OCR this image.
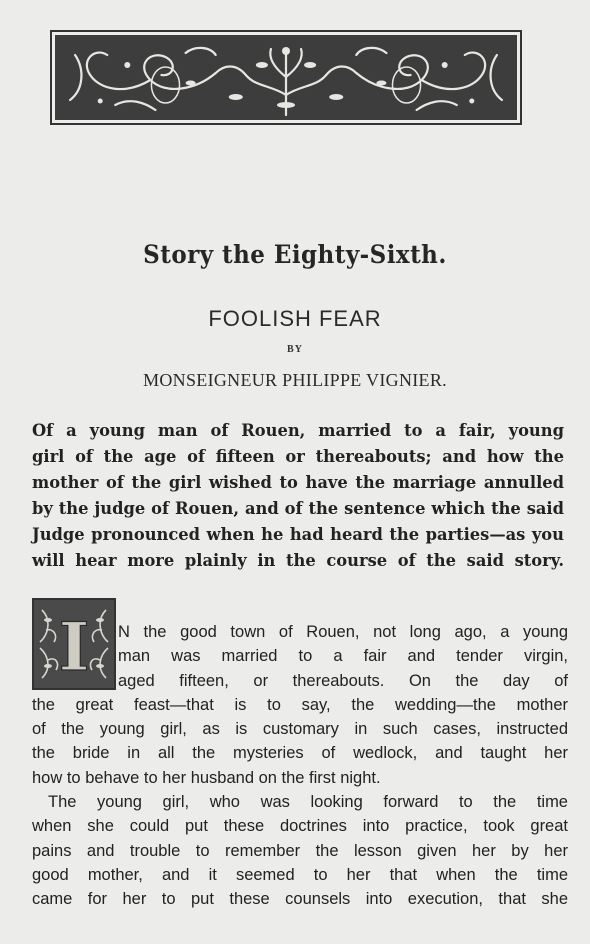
Story the Eighty-Sixth.
FOOLISH FEAR
BY
MONSEIGNEUR PHILIPPE VIGNIER.
Of a young man of Rouen, married to a fair, young
girl of the age of fifteen or thereabouts; and how the
mother of the girl wished to have the marriage annulled
by the judge of Rouen, and of the sentence which the said
Judge pronounced when he had heard the parties—as you
will hear more plainly in the course of the said story.
I	N the good town of Rouen, not long ago, a young
man was married to a fair and tender virgin,
aged fifteen, or thereabouts. On the day of
the great feast—that is to say, the wedding—the mother
of the young girl, as is customary in such cases, instructed
the bride in all the mysteries of wedlock, and taught her
how to behave to her husband on the first night.
The young girl, who was looking forward to the time
when she could put these doctrines into practice, took great
pains and trouble to remember the lesson given her by her
good mother, and it seemed to her that when the time
came for her to put these counsels into execution, that she
